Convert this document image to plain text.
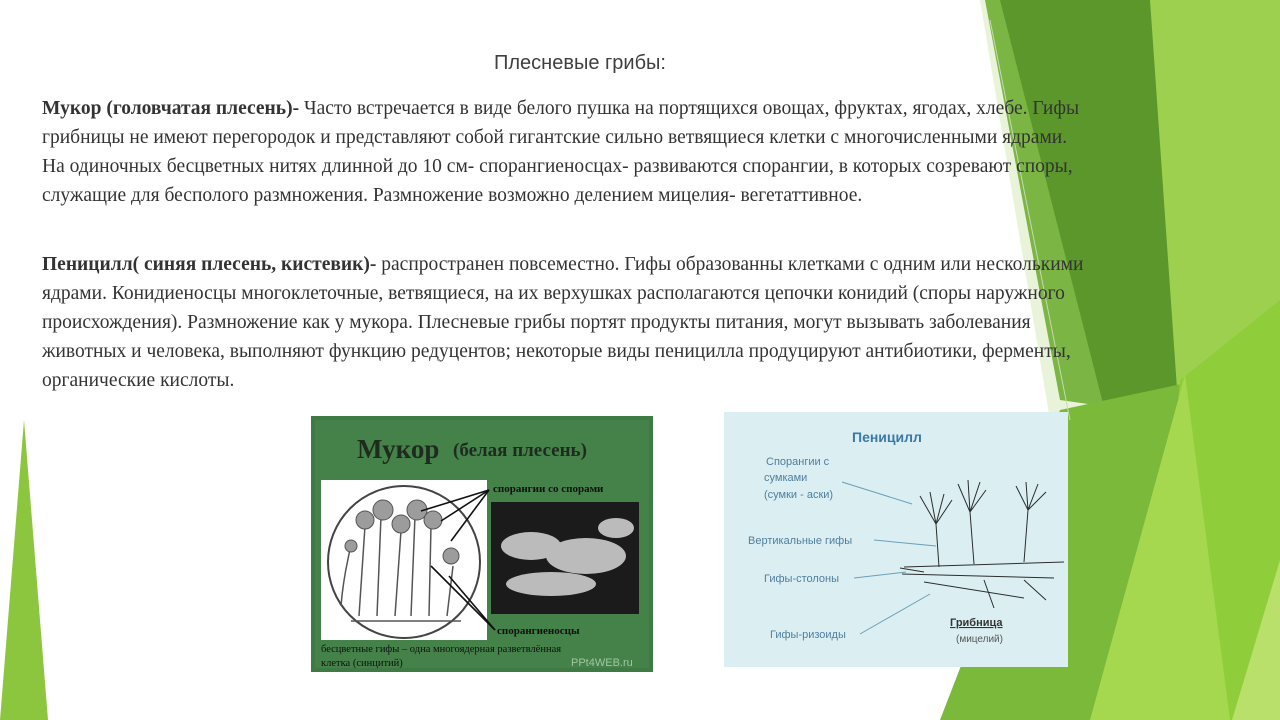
Плесневые грибы:
Мукор (головчатая плесень)- Часто встречается в виде белого пушка на портящихся овощах, фруктах, ягодах, хлебе. Гифы грибницы не имеют перегородок и представляют собой гигантские сильно ветвящиеся клетки с многочисленными ядрами. На одиночных бесцветных нитях длинной до 10 см- спорангиеносцах- развиваются спорангии, в которых созревают споры, служащие для бесполого размножения. Размножение возможно делением мицелия- вегетаттивное.
Пеницилл( синяя плесень, кистевик)- распространен повсеместно. Гифы образованны клетками с одним или несколькими ядрами. Конидиеносцы многоклеточные, ветвящиеся, на их верхушках располагаются цепочки конидий (споры наружного происхождения). Размножение как у мукора. Плесневые грибы портят продукты питания, могут вызывать заболевания животных и человека, выполняют функцию редуцентов; некоторые виды пеницилла продуцируют антибиотики, ферменты, органические кислоты.
Мукор (белая плесень)
спорангии со спорами
спорангиеносцы
бесцветные гифы – одна многоядерная разветвлённая
клетка (синцитий)	PPt4WEB.ru
Пеницилл
Спорангии с
сумками
(сумки - аски)
Вертикальные гифы
Гифы-столоны
Гифы-ризоиды
Грибница
(мицелий)
